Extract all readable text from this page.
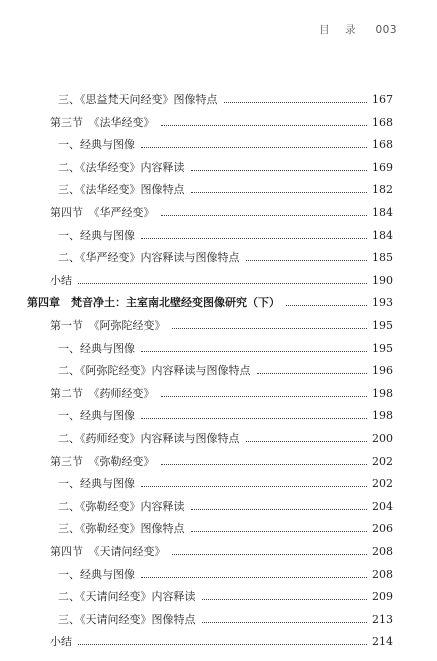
目 录 003
三、《思益梵天问经变》图像特点	167
第三节　《法华经变》	168
一、经典与图像	168
二、《法华经变》内容释读	169
三、《法华经变》图像特点	182
第四节　《华严经变》	184
一、经典与图像	184
二、《华严经变》内容释读与图像特点	185
小结	190
第四章　梵音净土：主室南北壁经变图像研究（下）	193
第一节　《阿弥陀经变》	195
一、经典与图像	195
二、《阿弥陀经变》内容释读与图像特点	196
第二节　《药师经变》	198
一、经典与图像	198
二、《药师经变》内容释读与图像特点	200
第三节　《弥勒经变》	202
一、经典与图像	202
二、《弥勒经变》内容释读	204
三、《弥勒经变》图像特点	206
第四节　《天请问经变》	208
一、经典与图像	208
二、《天请问经变》内容释读	209
三、《天请问经变》图像特点	213
小结	214
